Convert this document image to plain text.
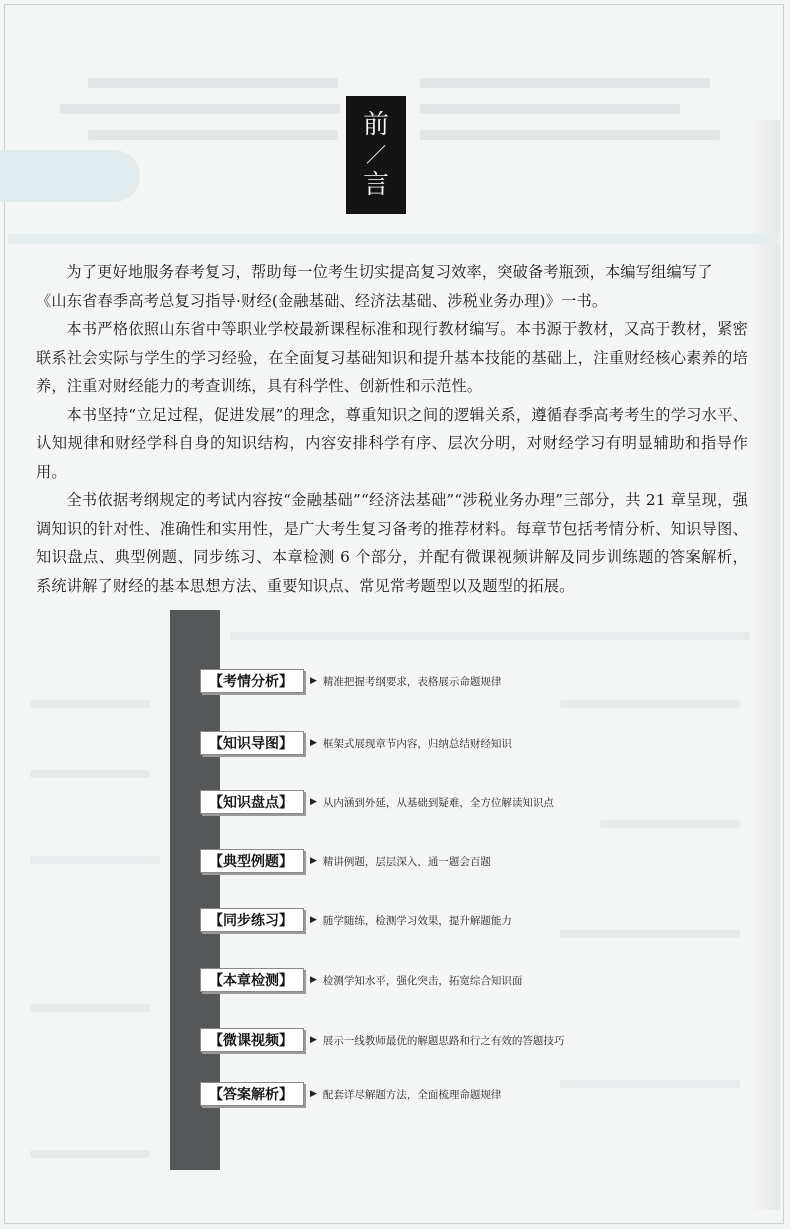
前
／
言

为了更好地服务春考复习，帮助每一位考生切实提高复习效率，突破备考瓶颈，本编写组编写了

《山东省春季高考总复习指导·财经(金融基础、经济法基础、涉税业务办理)》一书。

本书严格依照山东省中等职业学校最新课程标准和现行教材编写。本书源于教材，又高于教材，紧密联系社会实际与学生的学习经验，在全面复习基础知识和提升基本技能的基础上，注重财经核心素养的培养，注重对财经能力的考查训练，具有科学性、创新性和示范性。

本书坚持“立足过程，促进发展”的理念，尊重知识之间的逻辑关系，遵循春季高考考生的学习水平、认知规律和财经学科自身的知识结构，内容安排科学有序、层次分明，对财经学习有明显辅助和指导作用。

全书依据考纲规定的考试内容按“金融基础”“经济法基础”“涉税业务办理”三部分，共 21 章呈现，强调知识的针对性、准确性和实用性，是广大考生复习备考的推荐材料。每章节包括考情分析、知识导图、知识盘点、典型例题、同步练习、本章检测 6 个部分，并配有微课视频讲解及同步训练题的答案解析，系统讲解了财经的基本思想方法、重要知识点、常见常考题型以及题型的拓展。

【考情分析】	▶ 精准把握考纲要求，表格展示命题规律
【知识导图】	▶ 框架式展现章节内容，归纳总结财经知识
【知识盘点】	▶ 从内涵到外延，从基础到疑难，全方位解读知识点
【典型例题】	▶ 精讲例题，层层深入，通一题会百题
【同步练习】	▶ 随学随练，检测学习效果，提升解题能力
【本章检测】	▶ 检测学知水平，强化突击，拓宽综合知识面
【微课视频】	▶ 展示一线教师最优的解题思路和行之有效的答题技巧
【答案解析】	▶ 配套详尽解题方法，全面梳理命题规律
